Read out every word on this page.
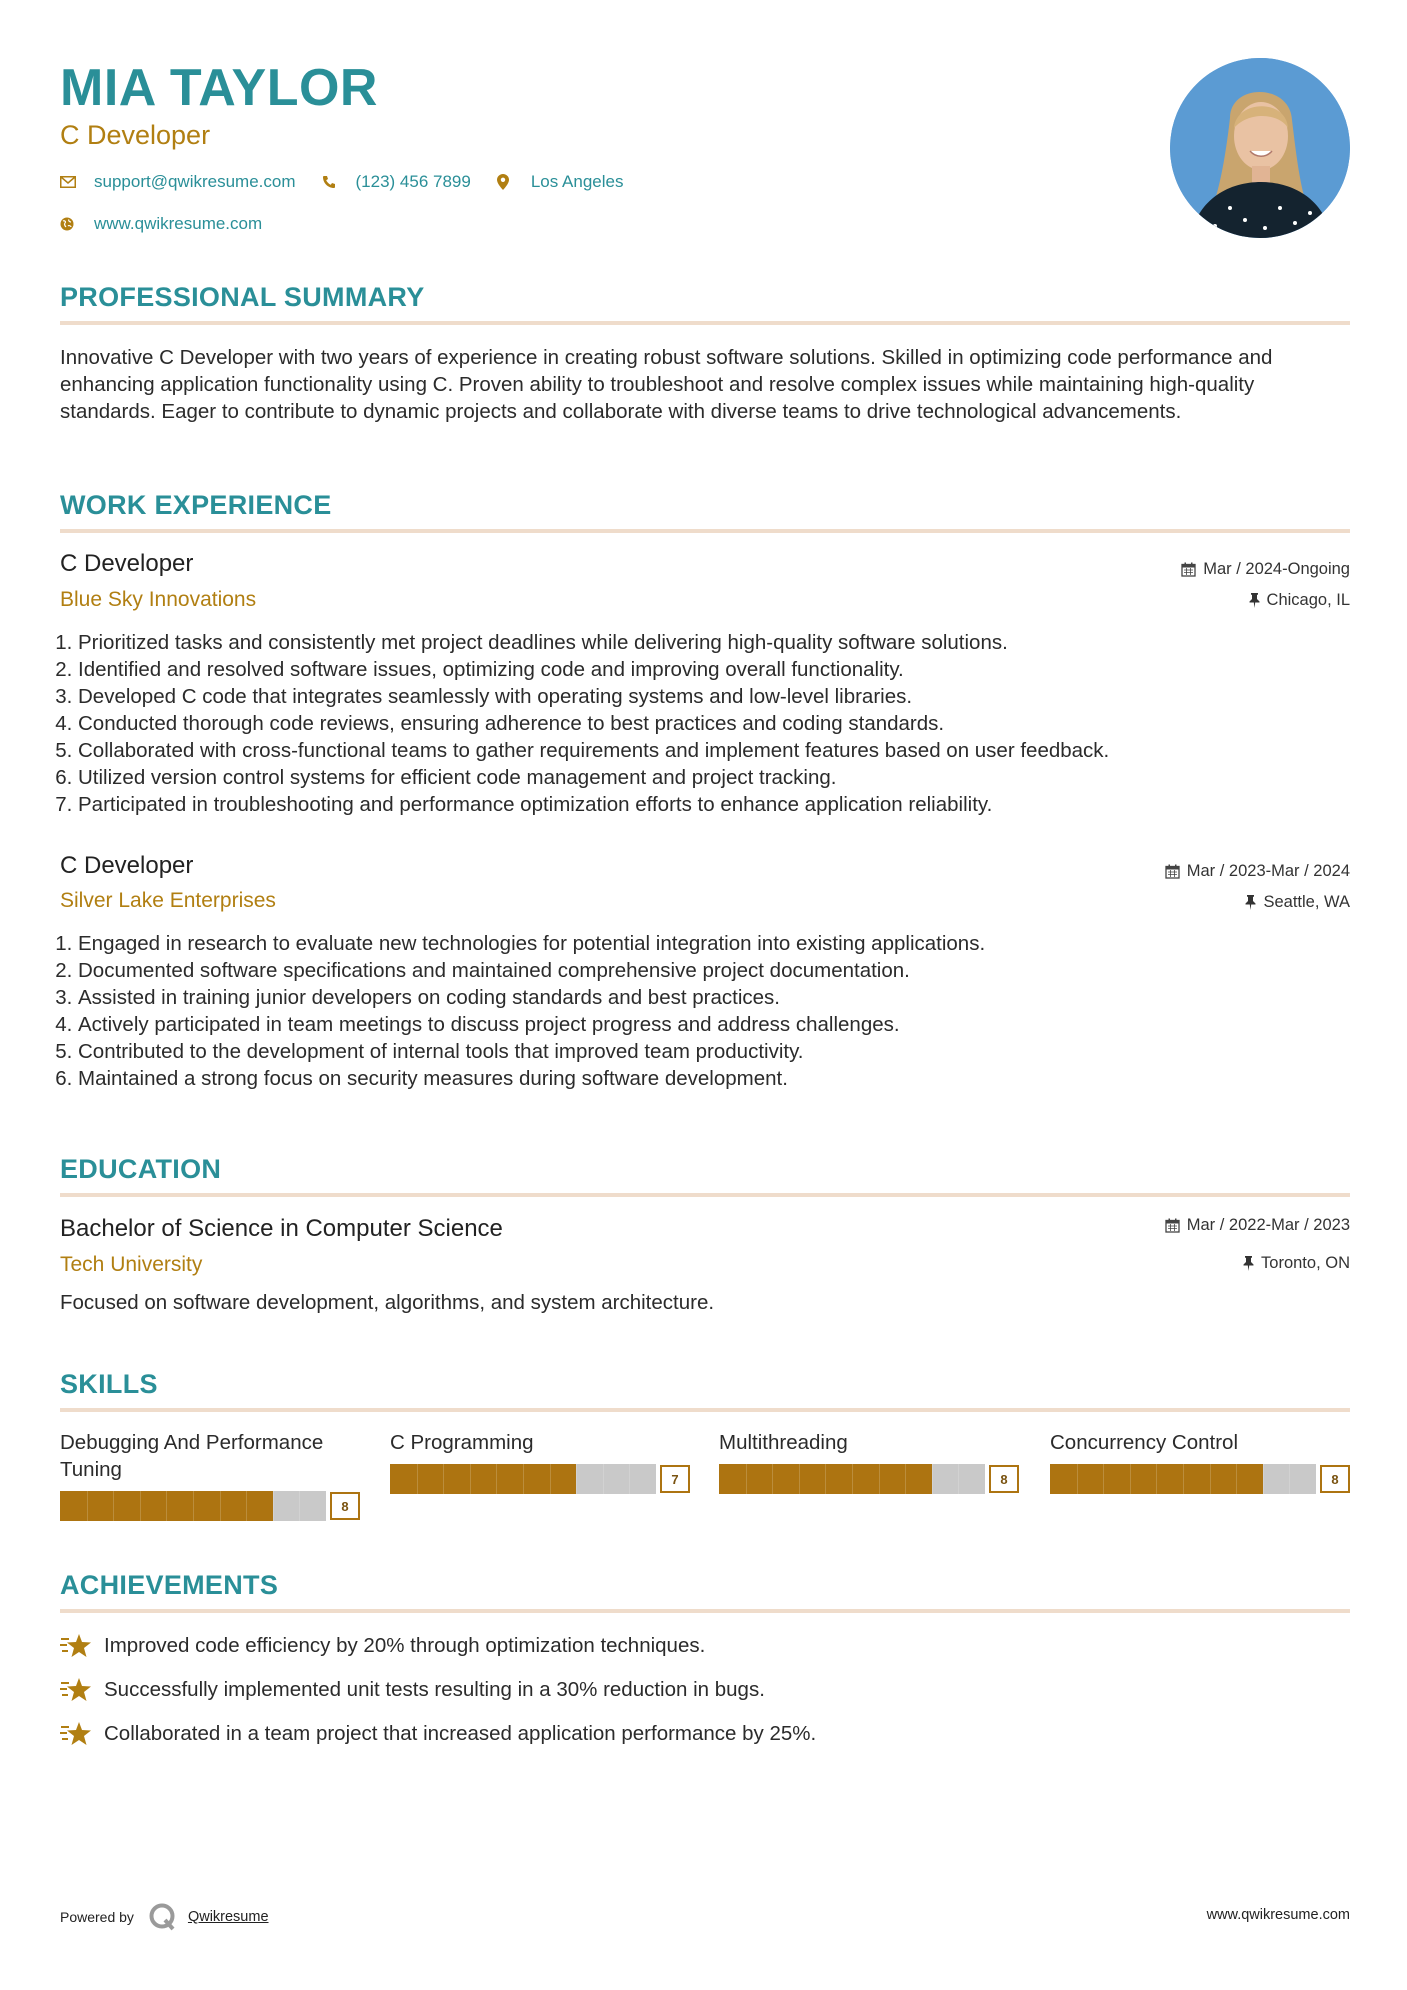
MIA TAYLOR
C Developer
support@qwikresume.com	(123) 456 7899	Los Angeles
www.qwikresume.com
PROFESSIONAL SUMMARY
Innovative C Developer with two years of experience in creating robust software solutions. Skilled in optimizing code performance and enhancing application functionality using C. Proven ability to troubleshoot and resolve complex issues while maintaining high-quality standards. Eager to contribute to dynamic projects and collaborate with diverse teams to drive technological advancements.
WORK EXPERIENCE
C Developer	Mar / 2024-Ongoing
Blue Sky Innovations	Chicago, IL
1. Prioritized tasks and consistently met project deadlines while delivering high-quality software solutions.
2. Identified and resolved software issues, optimizing code and improving overall functionality.
3. Developed C code that integrates seamlessly with operating systems and low-level libraries.
4. Conducted thorough code reviews, ensuring adherence to best practices and coding standards.
5. Collaborated with cross-functional teams to gather requirements and implement features based on user feedback.
6. Utilized version control systems for efficient code management and project tracking.
7. Participated in troubleshooting and performance optimization efforts to enhance application reliability.
C Developer	Mar / 2023-Mar / 2024
Silver Lake Enterprises	Seattle, WA
1. Engaged in research to evaluate new technologies for potential integration into existing applications.
2. Documented software specifications and maintained comprehensive project documentation.
3. Assisted in training junior developers on coding standards and best practices.
4. Actively participated in team meetings to discuss project progress and address challenges.
5. Contributed to the development of internal tools that improved team productivity.
6. Maintained a strong focus on security measures during software development.
EDUCATION
Bachelor of Science in Computer Science	Mar / 2022-Mar / 2023
Tech University	Toronto, ON
Focused on software development, algorithms, and system architecture.
SKILLS
Debugging And Performance Tuning
8
C Programming
7
Multithreading
8
Concurrency Control
8
ACHIEVEMENTS
Improved code efficiency by 20% through optimization techniques.
Successfully implemented unit tests resulting in a 30% reduction in bugs.
Collaborated in a team project that increased application performance by 25%.
Powered by	Qwikresume	www.qwikresume.com
